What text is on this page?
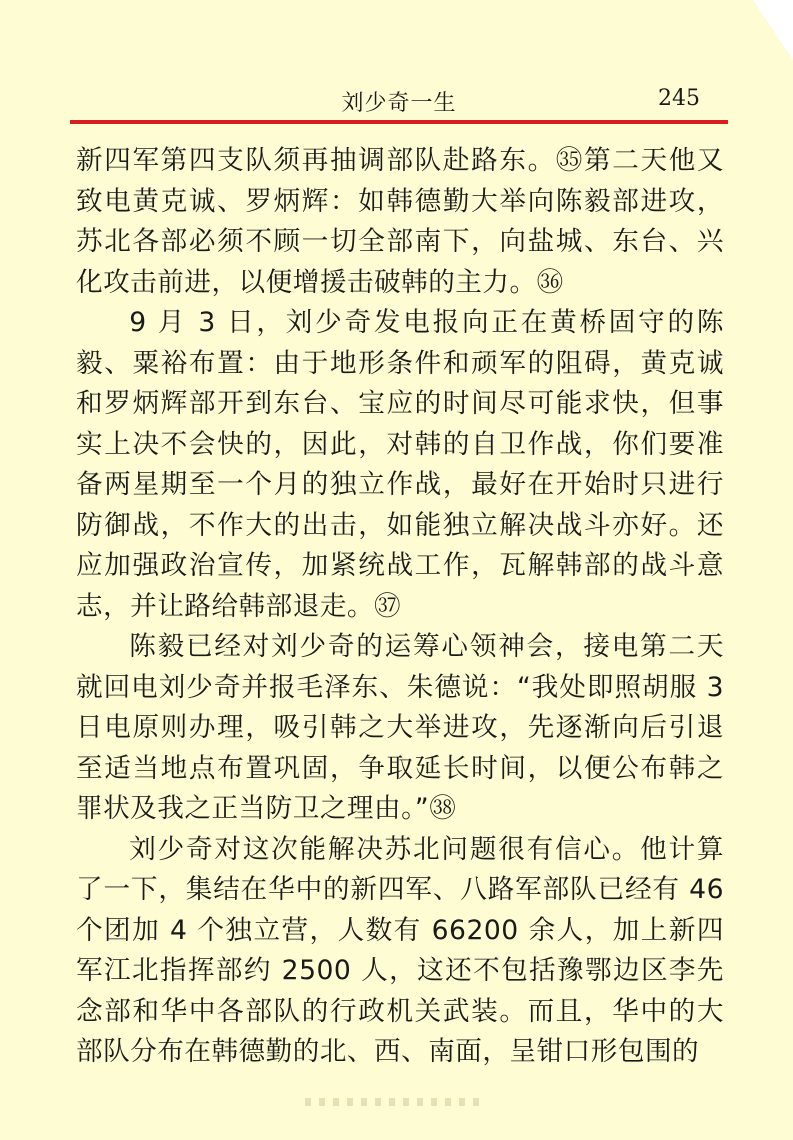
刘少奇一生	245

新四军第四支队须再抽调部队赴路东。㉟第二天他又致电黄克诚、罗炳辉：如韩德勤大举向陈毅部进攻，苏北各部必须不顾一切全部南下，向盐城、东台、兴化攻击前进，以便增援击破韩的主力。㊱

9 月 3 日，刘少奇发电报向正在黄桥固守的陈毅、粟裕布置：由于地形条件和顽军的阻碍，黄克诚和罗炳辉部开到东台、宝应的时间尽可能求快，但事实上决不会快的，因此，对韩的自卫作战，你们要准备两星期至一个月的独立作战，最好在开始时只进行防御战，不作大的出击，如能独立解决战斗亦好。还应加强政治宣传，加紧统战工作，瓦解韩部的战斗意志，并让路给韩部退走。㊲

陈毅已经对刘少奇的运筹心领神会，接电第二天就回电刘少奇并报毛泽东、朱德说：“我处即照胡服 3 日电原则办理，吸引韩之大举进攻，先逐渐向后引退至适当地点布置巩固，争取延长时间，以便公布韩之罪状及我之正当防卫之理由。”㊳

刘少奇对这次能解决苏北问题很有信心。他计算了一下，集结在华中的新四军、八路军部队已经有 46 个团加 4 个独立营，人数有 66200 余人，加上新四军江北指挥部约 2500 人，这还不包括豫鄂边区李先念部和华中各部队的行政机关武装。而且，华中的大部队分布在韩德勤的北、西、南面，呈钳口形包围的
